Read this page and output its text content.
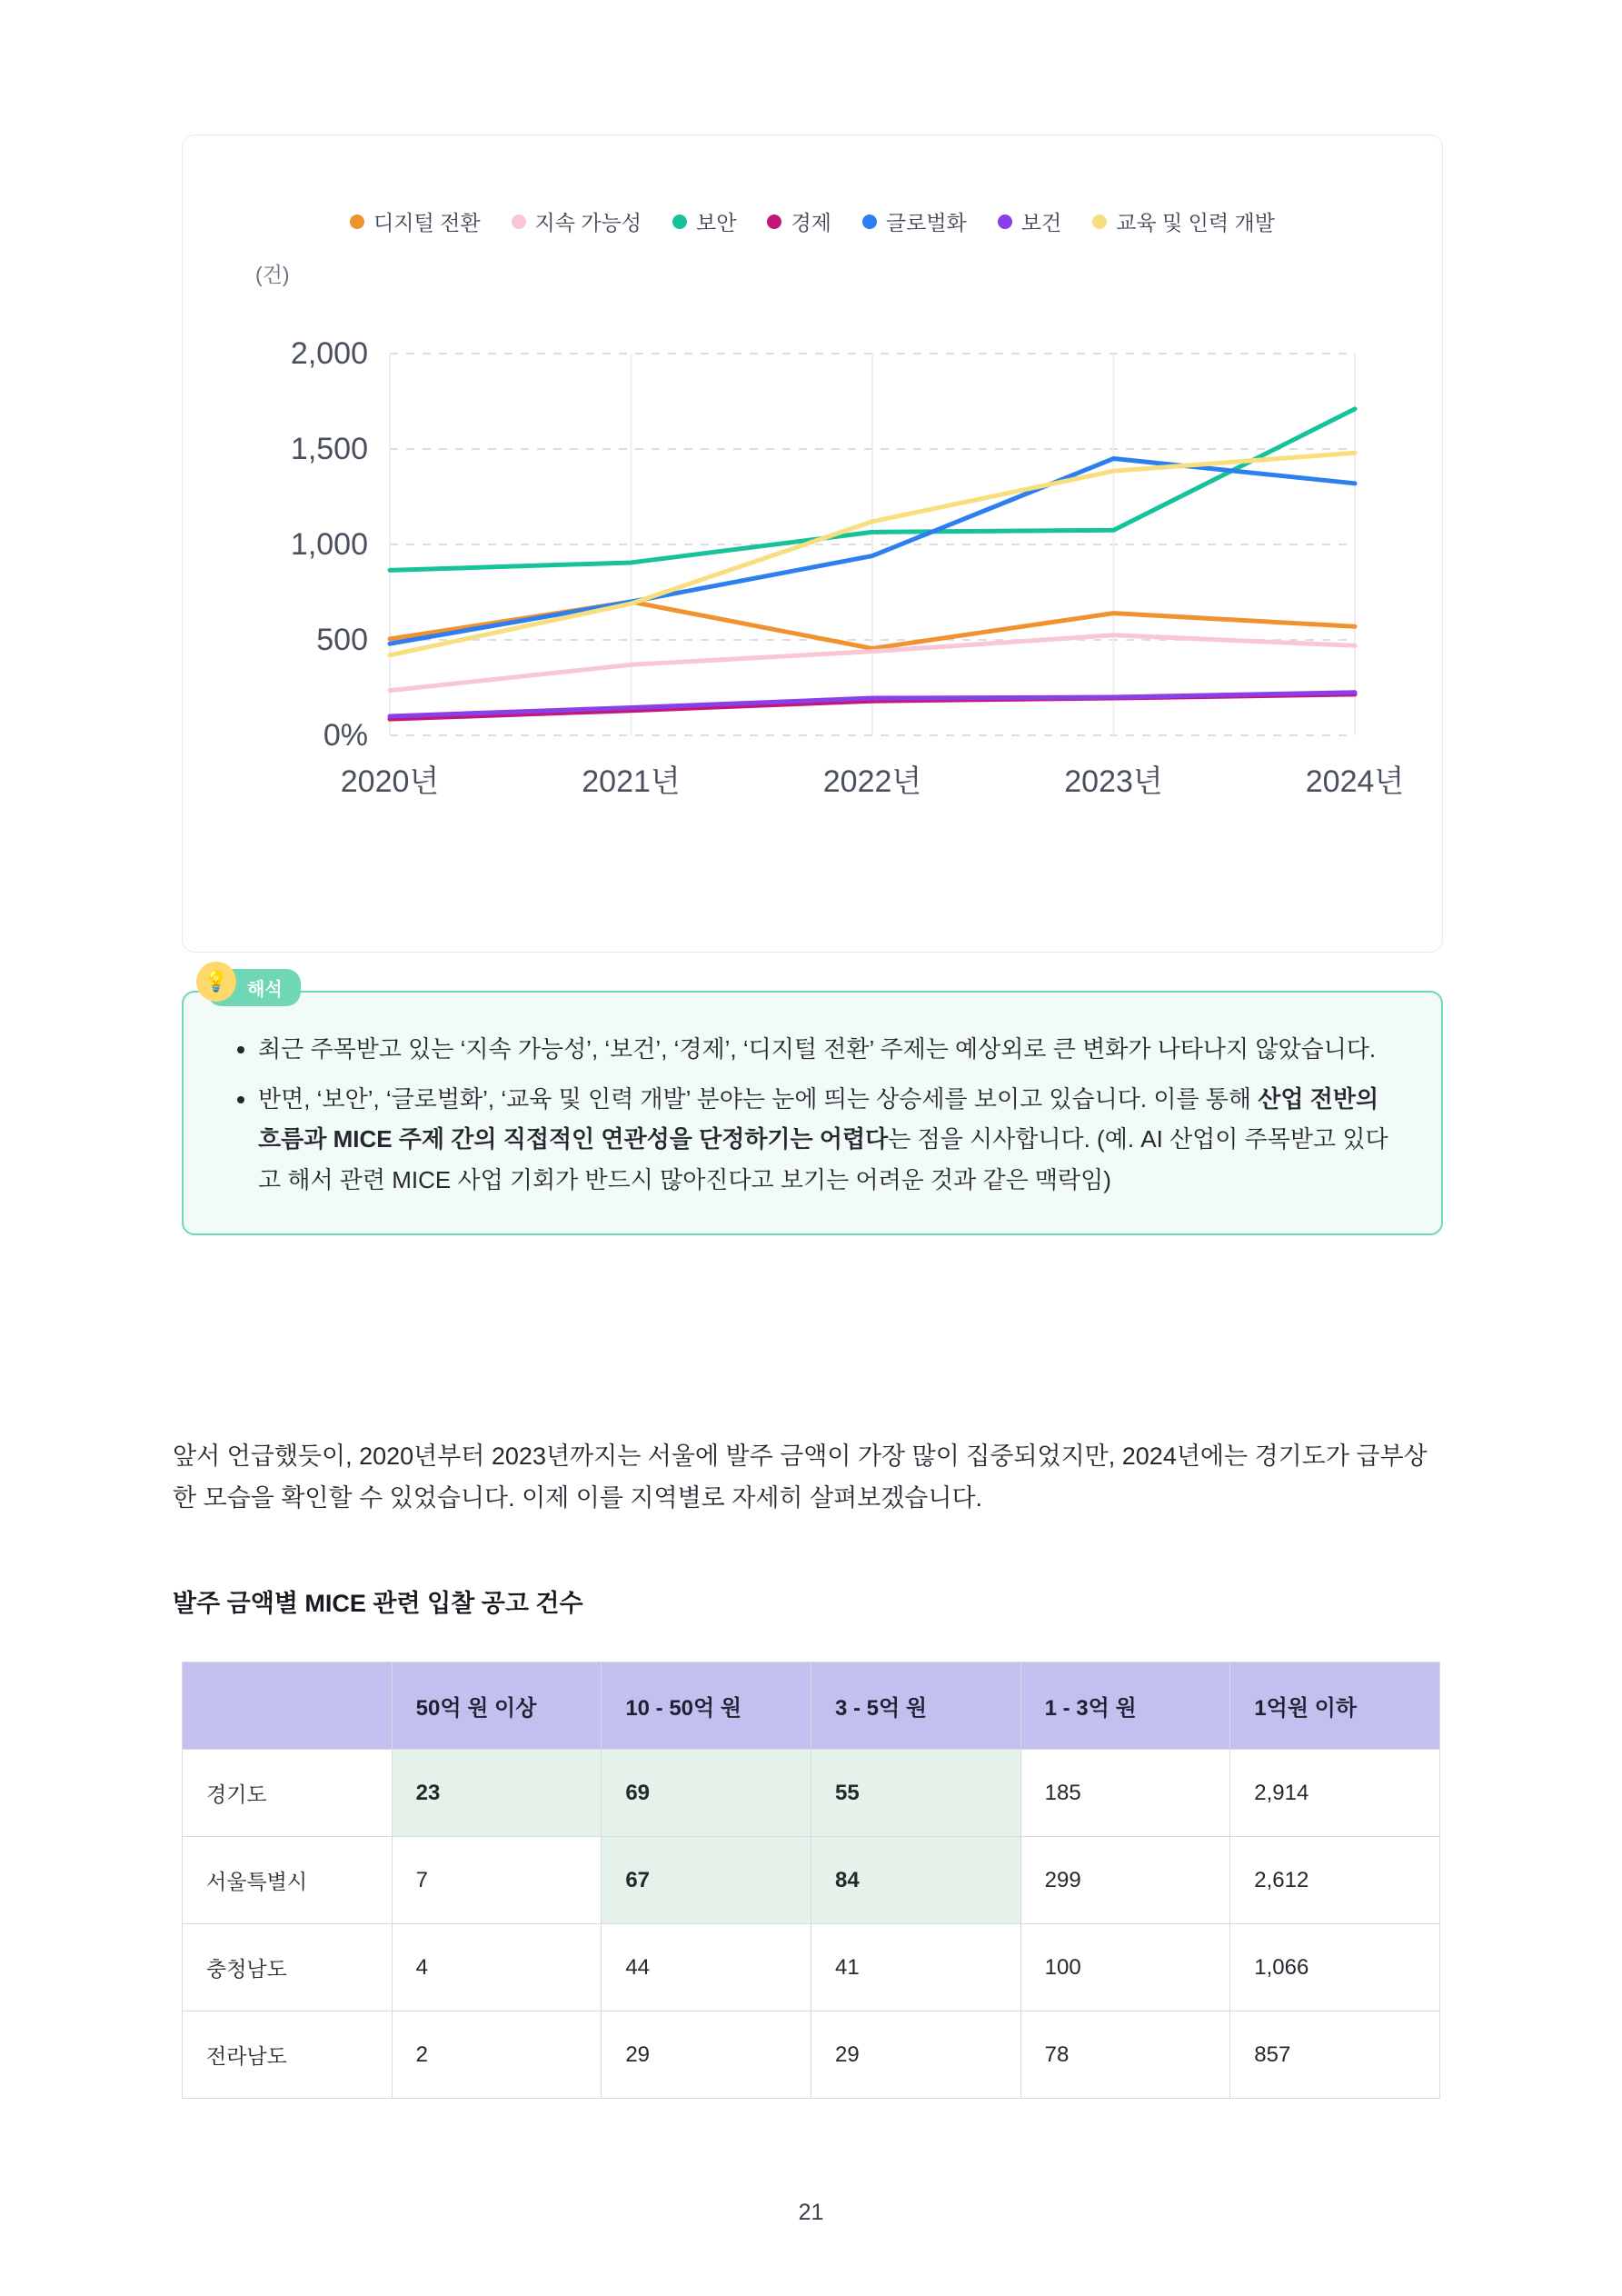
디지털 전환	지속 가능성	보안	경제	글로벌화	보건	교육 및 인력 개발
(건)
0%
500
1,000
1,500
2,000
2020년	2021년	2022년	2023년	2024년
💡	해석
• 최근 주목받고 있는 ‘지속 가능성’, ‘보건’, ‘경제’, ‘디지털 전환’ 주제는 예상외로 큰 변화가 나타나지 않았습니다.
• 반면, ‘보안’, ‘글로벌화’, ‘교육 및 인력 개발’ 분야는 눈에 띄는 상승세를 보이고 있습니다. 이를 통해 산업 전반의 흐름과 MICE 주제 간의 직접적인 연관성을 단정하기는 어렵다는 점을 시사합니다. (예. AI 산업이 주목받고 있다고 해서 관련 MICE 사업 기회가 반드시 많아진다고 보기는 어려운 것과 같은 맥락임)
앞서 언급했듯이, 2020년부터 2023년까지는 서울에 발주 금액이 가장 많이 집중되었지만, 2024년에는 경기도가 급부상한 모습을 확인할 수 있었습니다. 이제 이를 지역별로 자세히 살펴보겠습니다.
발주 금액별 MICE 관련 입찰 공고 건수
	50억 원 이상	10 - 50억 원	3 - 5억 원	1 - 3억 원	1억원 이하
경기도	23	69	55	185	2,914
서울특별시	7	67	84	299	2,612
충청남도	4	44	41	100	1,066
전라남도	2	29	29	78	857
21
